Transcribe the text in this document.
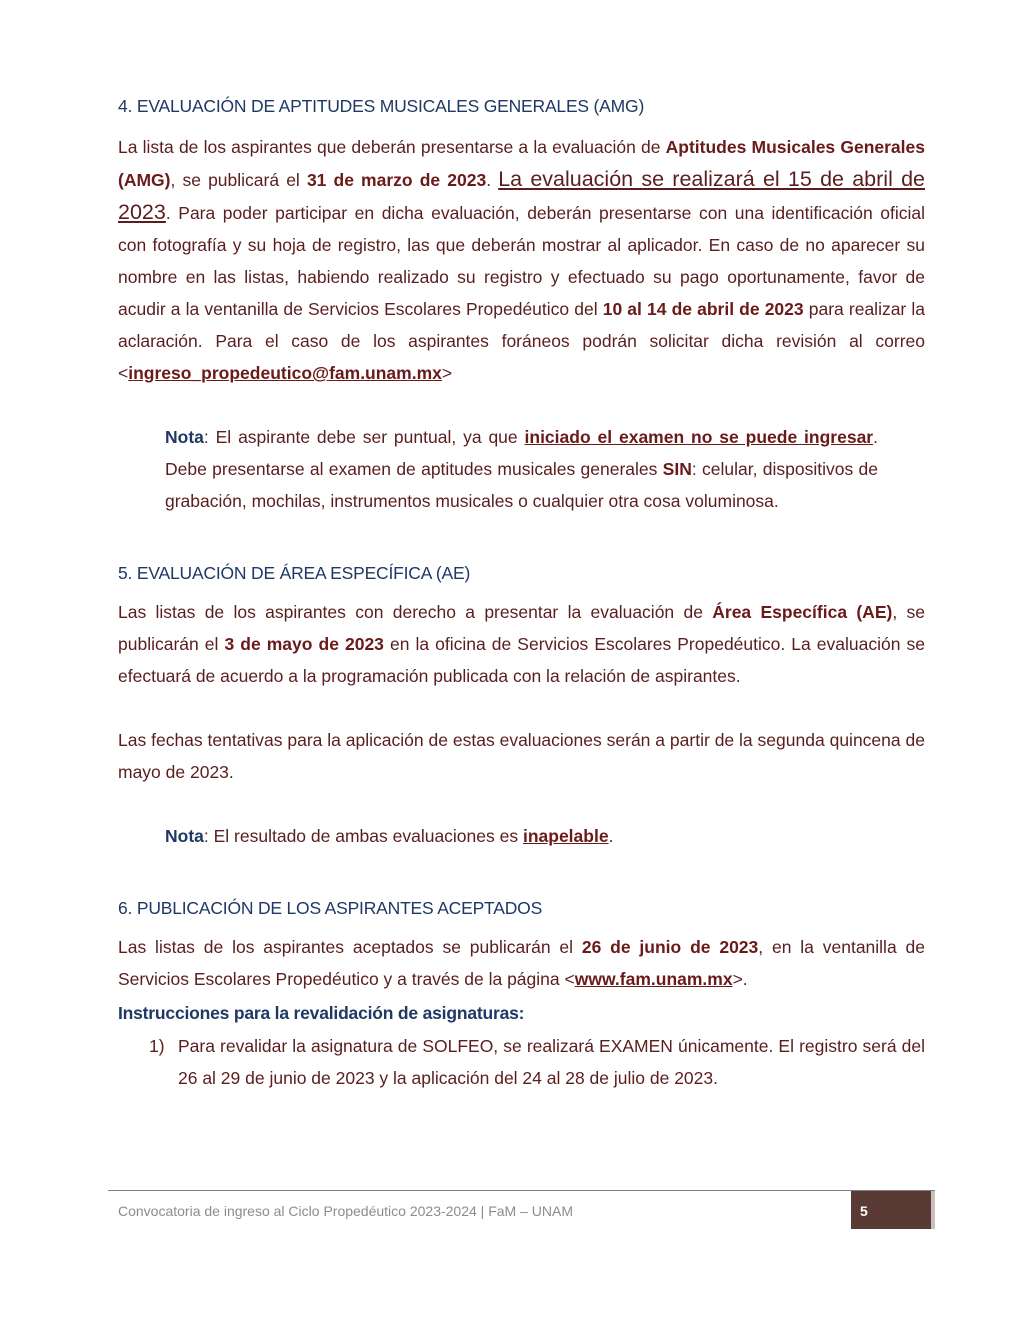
4. EVALUACIÓN DE APTITUDES MUSICALES GENERALES (AMG)

La lista de los aspirantes que deberán presentarse a la evaluación de Aptitudes Musicales Generales (AMG), se publicará el 31 de marzo de 2023. La evaluación se realizará el 15 de abril de 2023. Para poder participar en dicha evaluación, deberán presentarse con una identificación oficial con fotografía y su hoja de registro, las que deberán mostrar al aplicador. En caso de no aparecer su nombre en las listas, habiendo realizado su registro y efectuado su pago oportunamente, favor de acudir a la ventanilla de Servicios Escolares Propedéutico del 10 al 14 de abril de 2023 para realizar la aclaración. Para el caso de los aspirantes foráneos podrán solicitar dicha revisión al correo <ingreso_propedeutico@fam.unam.mx>

Nota: El aspirante debe ser puntual, ya que iniciado el examen no se puede ingresar. Debe presentarse al examen de aptitudes musicales generales SIN: celular, dispositivos de grabación, mochilas, instrumentos musicales o cualquier otra cosa voluminosa.

5. EVALUACIÓN DE ÁREA ESPECÍFICA (AE)

Las listas de los aspirantes con derecho a presentar la evaluación de Área Específica (AE), se publicarán el 3 de mayo de 2023 en la oficina de Servicios Escolares Propedéutico. La evaluación se efectuará de acuerdo a la programación publicada con la relación de aspirantes.

Las fechas tentativas para la aplicación de estas evaluaciones serán a partir de la segunda quincena de mayo de 2023.

Nota: El resultado de ambas evaluaciones es inapelable.

6. PUBLICACIÓN DE LOS ASPIRANTES ACEPTADOS

Las listas de los aspirantes aceptados se publicarán el 26 de junio de 2023, en la ventanilla de Servicios Escolares Propedéutico y a través de la página <www.fam.unam.mx>.

Instrucciones para la revalidación de asignaturas:
1) Para revalidar la asignatura de SOLFEO, se realizará EXAMEN únicamente. El registro será del 26 al 29 de junio de 2023 y la aplicación del 24 al 28 de julio de 2023.

Convocatoria de ingreso al Ciclo Propedéutico 2023-2024 | FaM – UNAM	5
